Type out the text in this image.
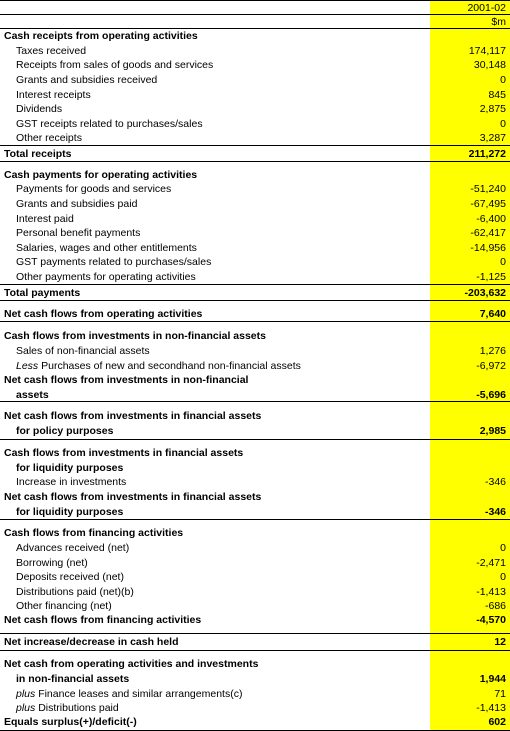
2001-02
$m
Cash receipts from operating activities
Taxes received	174,117
Receipts from sales of goods and services	30,148
Grants and subsidies received	0
Interest receipts	845
Dividends	2,875
GST receipts related to purchases/sales	0
Other receipts	3,287
Total receipts	211,272
Cash payments for operating activities
Payments for goods and services	-51,240
Grants and subsidies paid	-67,495
Interest paid	-6,400
Personal benefit payments	-62,417
Salaries, wages and other entitlements	-14,956
GST payments related to purchases/sales	0
Other payments for operating activities	-1,125
Total payments	-203,632
Net cash flows from operating activities	7,640
Cash flows from investments in non-financial assets
Sales of non-financial assets	1,276
Less Purchases of new and secondhand non-financial assets	-6,972
Net cash flows from investments in non-financial
assets	-5,696
Net cash flows from investments in financial assets
for policy purposes	2,985
Cash flows from investments in financial assets
for liquidity purposes
Increase in investments	-346
Net cash flows from investments in financial assets
for liquidity purposes	-346
Cash flows from financing activities
Advances received (net)	0
Borrowing (net)	-2,471
Deposits received (net)	0
Distributions paid (net)(b)	-1,413
Other financing (net)	-686
Net cash flows from financing activities	-4,570
Net increase/decrease in cash held	12
Net cash from operating activities and investments
in non-financial assets	1,944
plus Finance leases and similar arrangements(c)	71
plus Distributions paid	-1,413
Equals surplus(+)/deficit(-)	602
